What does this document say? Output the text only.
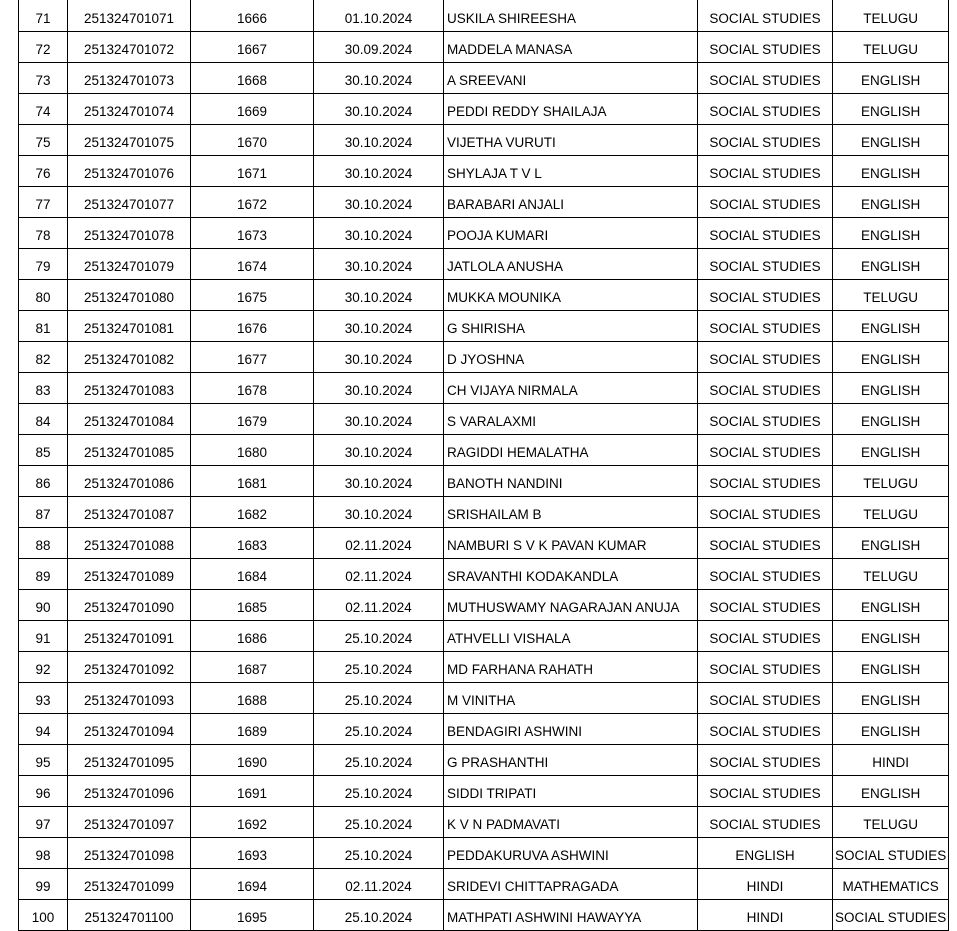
71	251324701071	1666	01.10.2024	USKILA SHIREESHA	SOCIAL STUDIES	TELUGU
72	251324701072	1667	30.09.2024	MADDELA MANASA	SOCIAL STUDIES	TELUGU
73	251324701073	1668	30.10.2024	A SREEVANI	SOCIAL STUDIES	ENGLISH
74	251324701074	1669	30.10.2024	PEDDI REDDY SHAILAJA	SOCIAL STUDIES	ENGLISH
75	251324701075	1670	30.10.2024	VIJETHA VURUTI	SOCIAL STUDIES	ENGLISH
76	251324701076	1671	30.10.2024	SHYLAJA T V L	SOCIAL STUDIES	ENGLISH
77	251324701077	1672	30.10.2024	BARABARI ANJALI	SOCIAL STUDIES	ENGLISH
78	251324701078	1673	30.10.2024	POOJA KUMARI	SOCIAL STUDIES	ENGLISH
79	251324701079	1674	30.10.2024	JATLOLA ANUSHA	SOCIAL STUDIES	ENGLISH
80	251324701080	1675	30.10.2024	MUKKA MOUNIKA	SOCIAL STUDIES	TELUGU
81	251324701081	1676	30.10.2024	G SHIRISHA	SOCIAL STUDIES	ENGLISH
82	251324701082	1677	30.10.2024	D JYOSHNA	SOCIAL STUDIES	ENGLISH
83	251324701083	1678	30.10.2024	CH VIJAYA NIRMALA	SOCIAL STUDIES	ENGLISH
84	251324701084	1679	30.10.2024	S VARALAXMI	SOCIAL STUDIES	ENGLISH
85	251324701085	1680	30.10.2024	RAGIDDI HEMALATHA	SOCIAL STUDIES	ENGLISH
86	251324701086	1681	30.10.2024	BANOTH NANDINI	SOCIAL STUDIES	TELUGU
87	251324701087	1682	30.10.2024	SRISHAILAM B	SOCIAL STUDIES	TELUGU
88	251324701088	1683	02.11.2024	NAMBURI S V K PAVAN KUMAR	SOCIAL STUDIES	ENGLISH
89	251324701089	1684	02.11.2024	SRAVANTHI KODAKANDLA	SOCIAL STUDIES	TELUGU
90	251324701090	1685	02.11.2024	MUTHUSWAMY NAGARAJAN ANUJA	SOCIAL STUDIES	ENGLISH
91	251324701091	1686	25.10.2024	ATHVELLI VISHALA	SOCIAL STUDIES	ENGLISH
92	251324701092	1687	25.10.2024	MD FARHANA RAHATH	SOCIAL STUDIES	ENGLISH
93	251324701093	1688	25.10.2024	M VINITHA	SOCIAL STUDIES	ENGLISH
94	251324701094	1689	25.10.2024	BENDAGIRI ASHWINI	SOCIAL STUDIES	ENGLISH
95	251324701095	1690	25.10.2024	G PRASHANTHI	SOCIAL STUDIES	HINDI
96	251324701096	1691	25.10.2024	SIDDI TRIPATI	SOCIAL STUDIES	ENGLISH
97	251324701097	1692	25.10.2024	K V N PADMAVATI	SOCIAL STUDIES	TELUGU
98	251324701098	1693	25.10.2024	PEDDAKURUVA ASHWINI	ENGLISH	SOCIAL STUDIES
99	251324701099	1694	02.11.2024	SRIDEVI CHITTAPRAGADA	HINDI	MATHEMATICS
100	251324701100	1695	25.10.2024	MATHPATI ASHWINI HAWAYYA	HINDI	SOCIAL STUDIES
